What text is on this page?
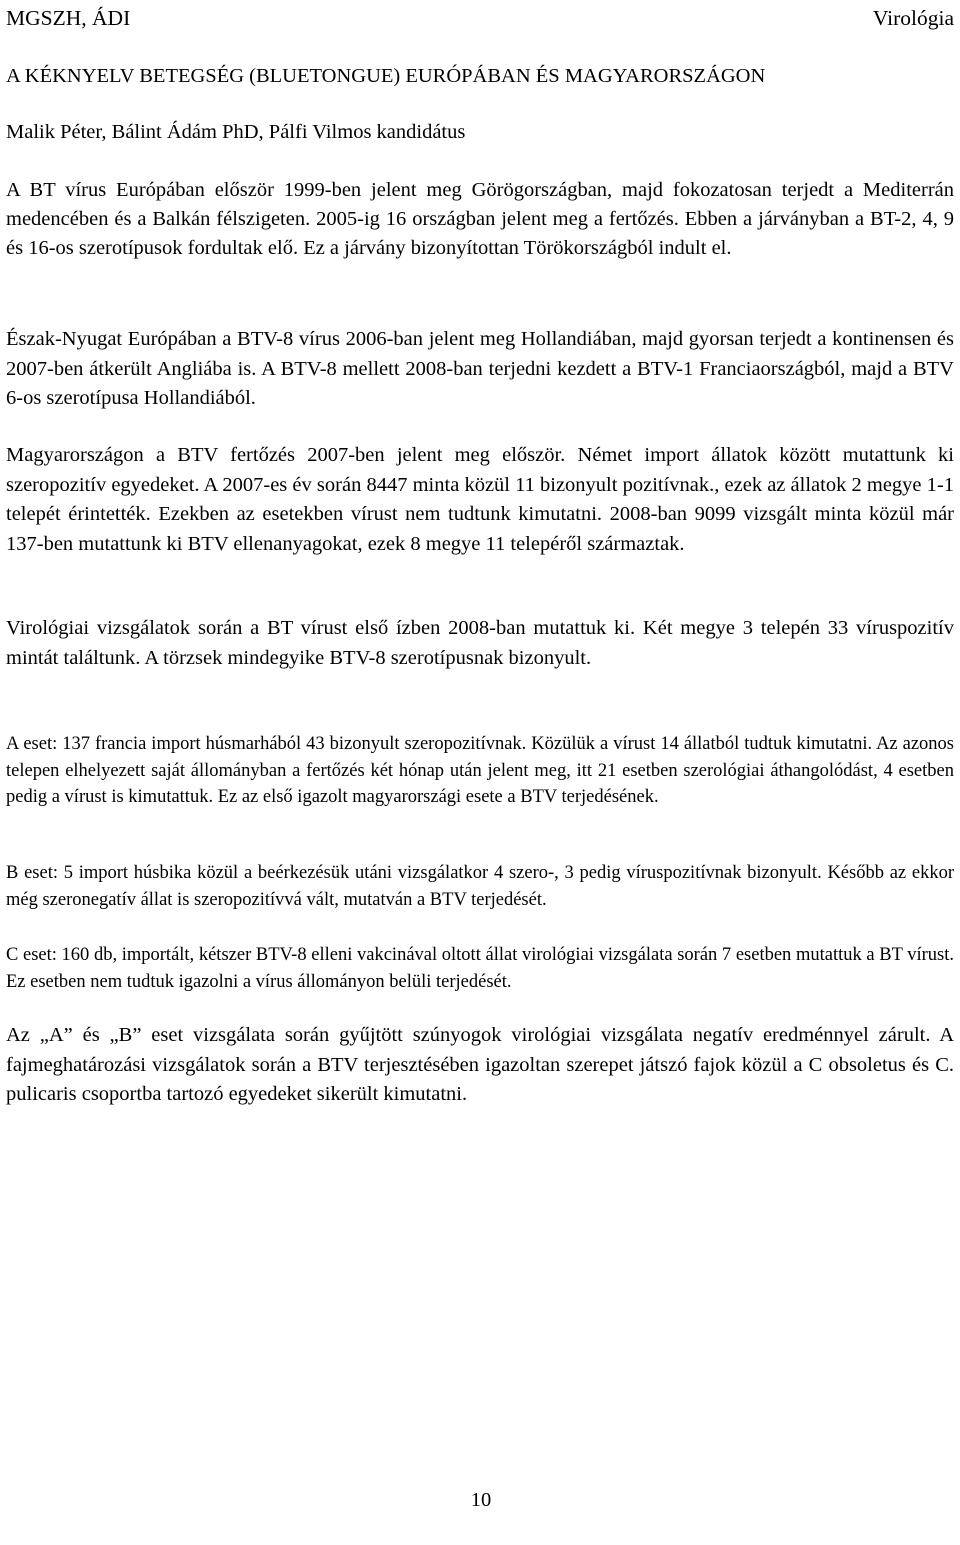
MGSZH, ÁDI	Virológia
A KÉKNYELV BETEGSÉG (BLUETONGUE) EURÓPÁBAN ÉS MAGYARORSZÁGON
Malik Péter, Bálint Ádám PhD, Pálfi Vilmos kandidátus

A BT vírus Európában először 1999-ben jelent meg Görögországban, majd fokozatosan terjedt a Mediterrán medencében és a Balkán félszigeten. 2005-ig 16 országban jelent meg a fertőzés. Ebben a járványban a BT-2, 4, 9 és 16-os szerotípusok fordultak elő. Ez a járvány bizonyítottan Törökországból indult el.

Észak-Nyugat Európában a BTV-8 vírus 2006-ban jelent meg Hollandiában, majd gyorsan terjedt a kontinensen és 2007-ben átkerült Angliába is. A BTV-8 mellett 2008-ban terjedni kezdett a BTV-1 Franciaországból, majd a BTV 6-os szerotípusa Hollandiából.

Magyarországon a BTV fertőzés 2007-ben jelent meg először. Német import állatok között mutattunk ki szeropozitív egyedeket. A 2007-es év során 8447 minta közül 11 bizonyult pozitívnak., ezek az állatok 2 megye 1-1 telepét érintették. Ezekben az esetekben vírust nem tudtunk kimutatni. 2008-ban 9099 vizsgált minta közül már 137-ben mutattunk ki BTV ellenanyagokat, ezek 8 megye 11 telepéről származtak.

Virológiai vizsgálatok során a BT vírust első ízben 2008-ban mutattuk ki. Két megye 3 telepén 33 víruspozitív mintát találtunk. A törzsek mindegyike BTV-8 szerotípusnak bizonyult.

A eset: 137 francia import húsmarhából 43 bizonyult szeropozitívnak. Közülük a vírust 14 állatból tudtuk kimutatni. Az azonos telepen elhelyezett saját állományban a fertőzés két hónap után jelent meg, itt 21 esetben szerológiai áthangolódást, 4 esetben pedig a vírust is kimutattuk. Ez az első igazolt magyarországi esete a BTV terjedésének.

B eset: 5 import húsbika közül a beérkezésük utáni vizsgálatkor 4 szero-, 3 pedig víruspozitívnak bizonyult. Később az ekkor még szeronegatív állat is szeropozitívvá vált, mutatván a BTV terjedését.

C eset: 160 db, importált, kétszer BTV-8 elleni vakcinával oltott állat virológiai vizsgálata során 7 esetben mutattuk a BT vírust. Ez esetben nem tudtuk igazolni a vírus állományon belüli terjedését.

Az „A” és „B” eset vizsgálata során gyűjtött szúnyogok virológiai vizsgálata negatív eredménnyel zárult. A fajmeghatározási vizsgálatok során a BTV terjesztésében igazoltan szerepet játszó fajok közül a C obsoletus és C. pulicaris csoportba tartozó egyedeket sikerült kimutatni.

10
